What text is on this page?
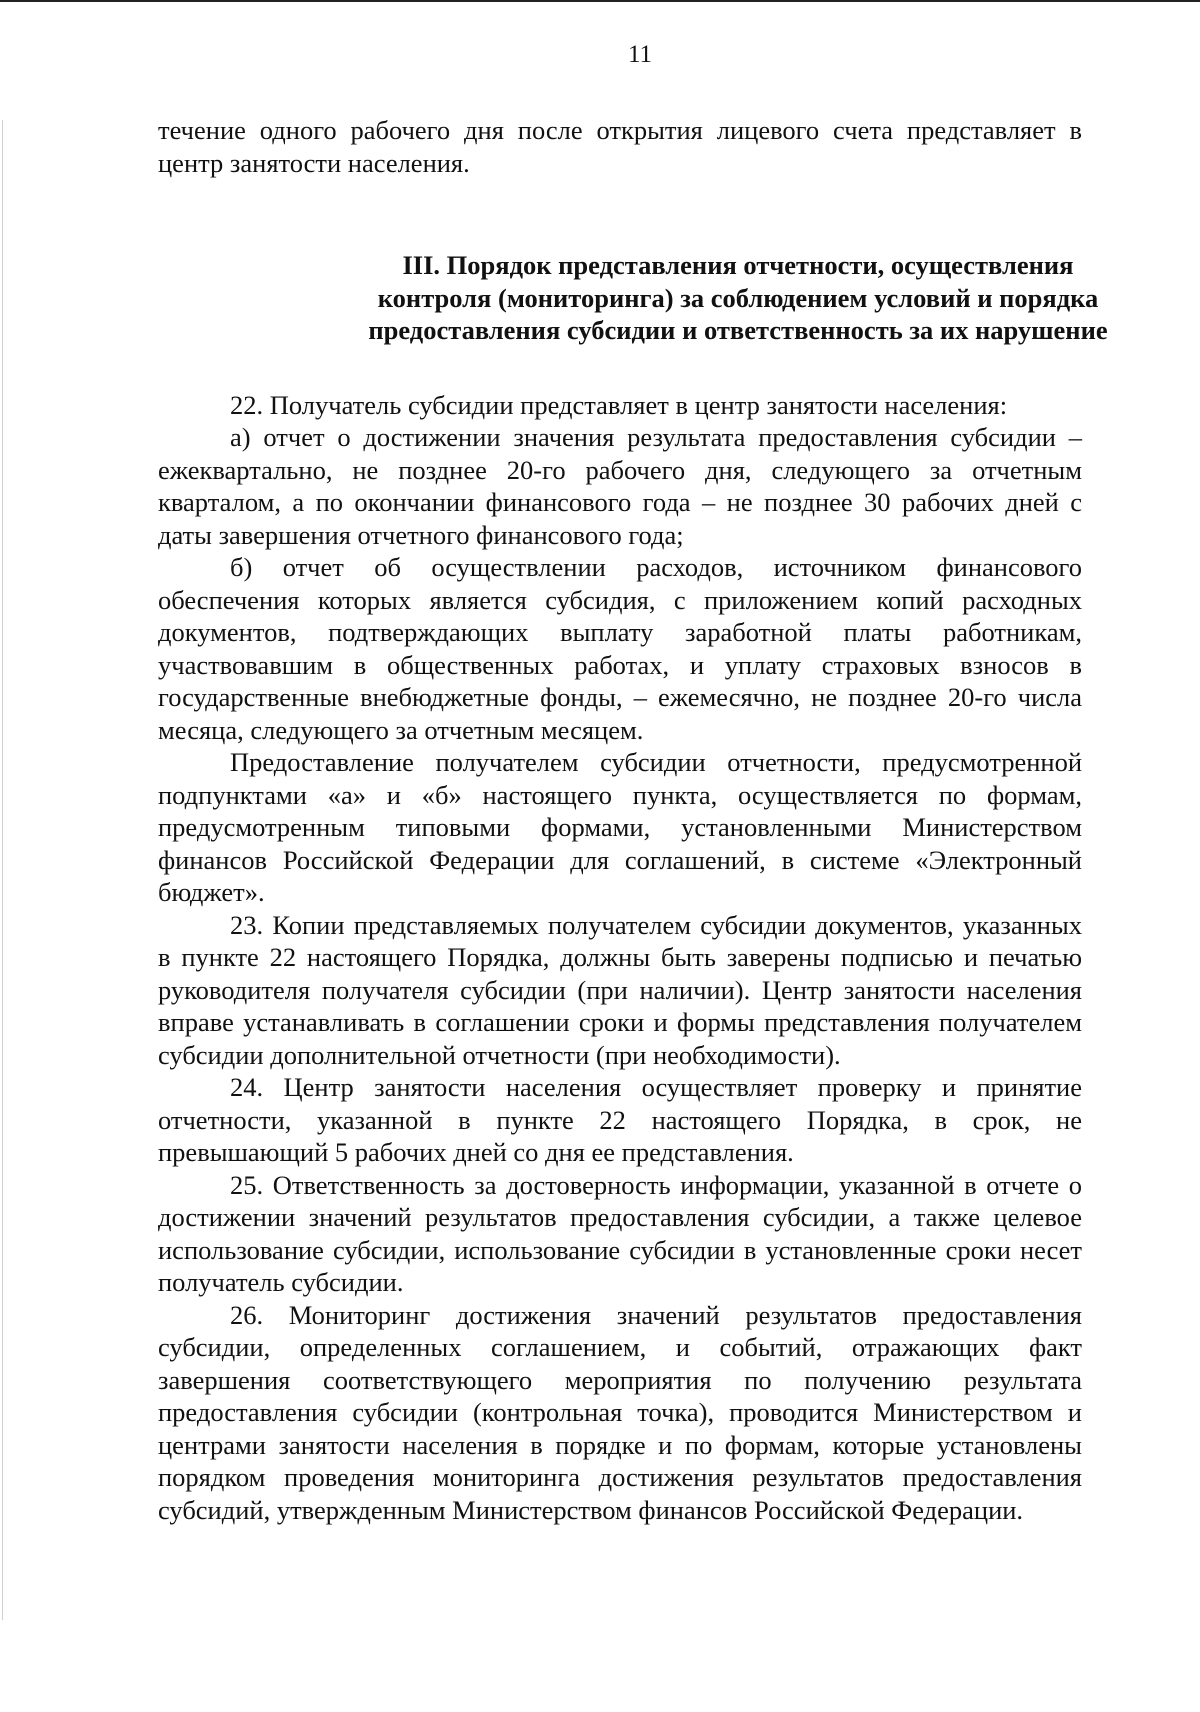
11

течение одного рабочего дня после открытия лицевого счета представляет в центр занятости населения.

III. Порядок представления отчетности, осуществления
контроля (мониторинга) за соблюдением условий и порядка
предоставления субсидии и ответственность за их нарушение

22. Получатель субсидии представляет в центр занятости населения:

а) отчет о достижении значения результата предоставления субсидии – ежеквартально, не позднее 20-го рабочего дня, следующего за отчетным кварталом, а по окончании финансового года – не позднее 30 рабочих дней с даты завершения отчетного финансового года;

б) отчет об осуществлении расходов, источником финансового обеспечения которых является субсидия, с приложением копий расходных документов, подтверждающих выплату заработной платы работникам, участвовавшим в общественных работах, и уплату страховых взносов в государственные внебюджетные фонды, – ежемесячно, не позднее 20-го числа месяца, следующего за отчетным месяцем.

Предоставление получателем субсидии отчетности, предусмотренной подпунктами «а» и «б» настоящего пункта, осуществляется по формам, предусмотренным типовыми формами, установленными Министерством финансов Российской Федерации для соглашений, в системе «Электронный бюджет».

23. Копии представляемых получателем субсидии документов, указанных в пункте 22 настоящего Порядка, должны быть заверены подписью и печатью руководителя получателя субсидии (при наличии). Центр занятости населения вправе устанавливать в соглашении сроки и формы представления получателем субсидии дополнительной отчетности (при необходимости).

24. Центр занятости населения осуществляет проверку и принятие отчетности, указанной в пункте 22 настоящего Порядка, в срок, не превышающий 5 рабочих дней со дня ее представления.

25. Ответственность за достоверность информации, указанной в отчете о достижении значений результатов предоставления субсидии, а также целевое использование субсидии, использование субсидии в установленные сроки несет получатель субсидии.

26. Мониторинг достижения значений результатов предоставления субсидии, определенных соглашением, и событий, отражающих факт завершения соответствующего мероприятия по получению результата предоставления субсидии (контрольная точка), проводится Министерством и центрами занятости населения в порядке и по формам, которые установлены порядком проведения мониторинга достижения результатов предоставления субсидий, утвержденным Министерством финансов Российской Федерации.
